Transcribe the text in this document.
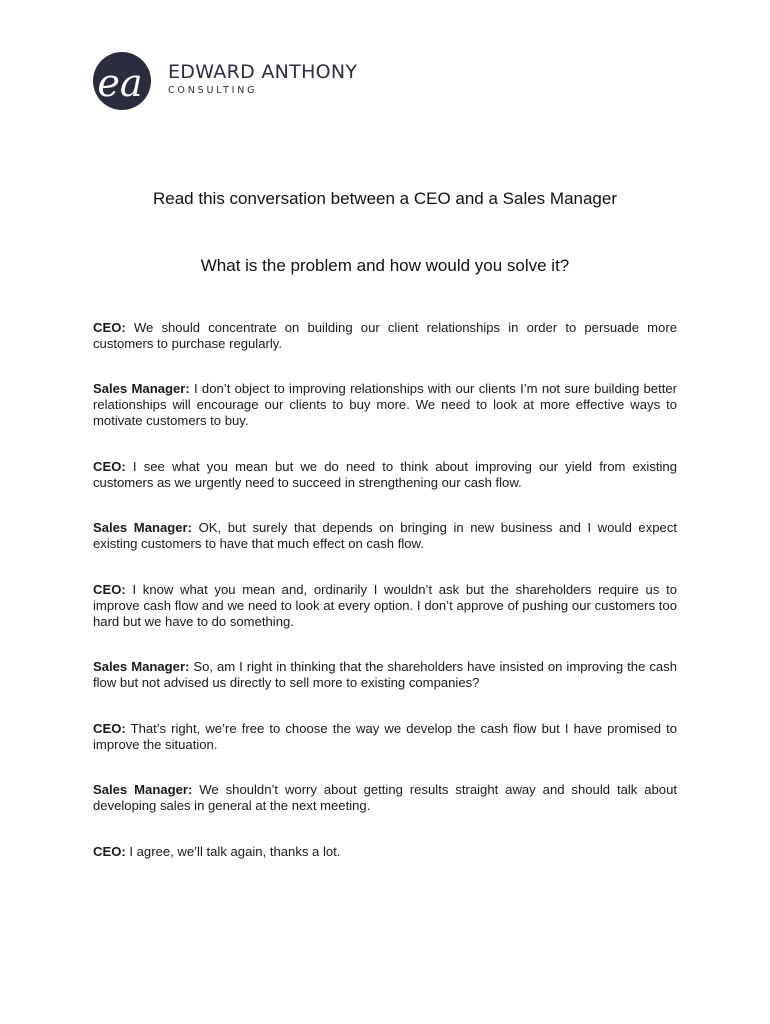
ea EDWARD ANTHONY
CONSULTING
Read this conversation between a CEO and a Sales Manager
What is the problem and how would you solve it?

CEO: We should concentrate on building our client relationships in order to persuade more customers to purchase regularly.

Sales Manager: I don’t object to improving relationships with our clients I’m not sure building better relationships will encourage our clients to buy more. We need to look at more effective ways to motivate customers to buy.

CEO: I see what you mean but we do need to think about improving our yield from existing customers as we urgently need to succeed in strengthening our cash flow.

Sales Manager: OK, but surely that depends on bringing in new business and I would expect existing customers to have that much effect on cash flow.

CEO: I know what you mean and, ordinarily I wouldn’t ask but the shareholders require us to improve cash flow and we need to look at every option. I don’t approve of pushing our customers too hard but we have to do something.

Sales Manager: So, am I right in thinking that the shareholders have insisted on improving the cash flow but not advised us directly to sell more to existing companies?

CEO: That’s right, we’re free to choose the way we develop the cash flow but I have promised to improve the situation.

Sales Manager: We shouldn’t worry about getting results straight away and should talk about developing sales in general at the next meeting.

CEO: I agree, we’ll talk again, thanks a lot.
